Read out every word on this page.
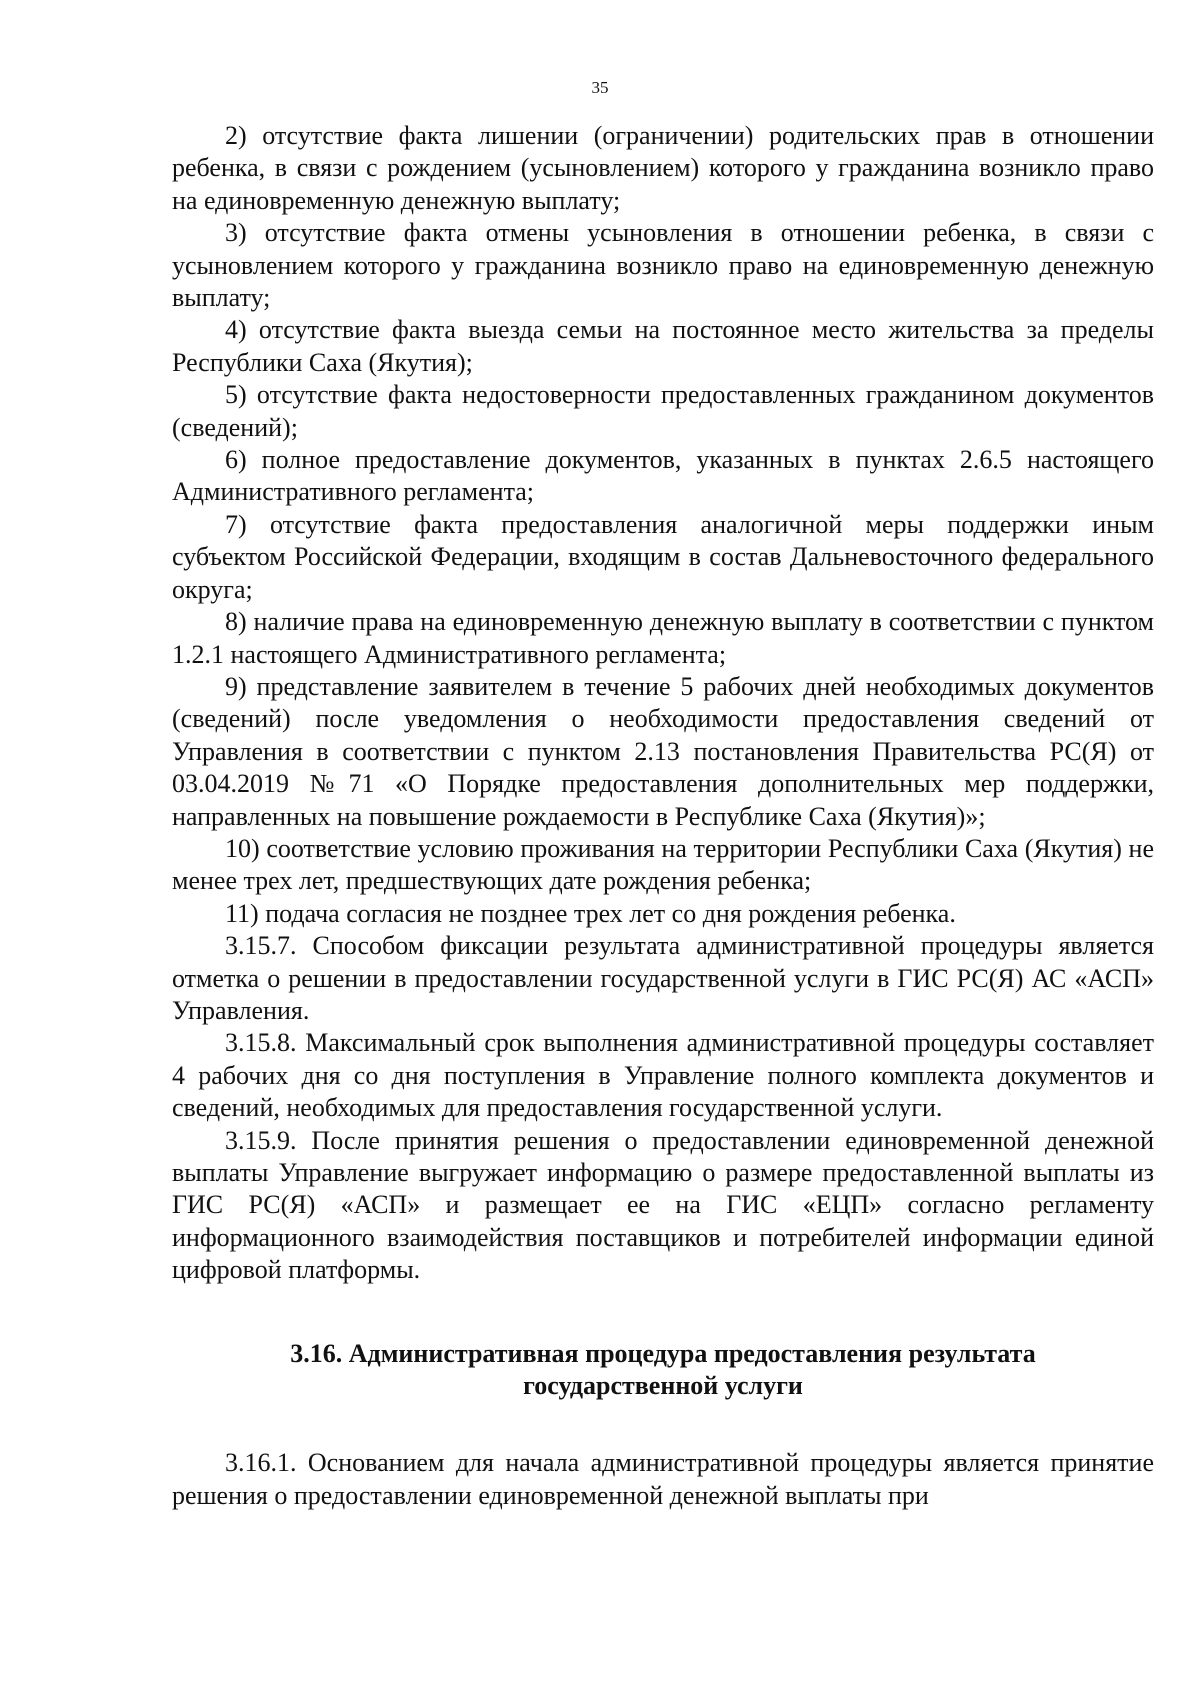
35

2) отсутствие факта лишении (ограничении) родительских прав в отношении ребенка, в связи с рождением (усыновлением) которого у гражданина возникло право на единовременную денежную выплату;

3) отсутствие факта отмены усыновления в отношении ребенка, в связи с усыновлением которого у гражданина возникло право на единовременную денежную выплату;

4) отсутствие факта выезда семьи на постоянное место жительства за пределы Республики Саха (Якутия);

5) отсутствие факта недостоверности предоставленных гражданином документов (сведений);

6) полное предоставление документов, указанных в пунктах 2.6.5 настоящего Административного регламента;

7) отсутствие факта предоставления аналогичной меры поддержки иным субъектом Российской Федерации, входящим в состав Дальневосточного федерального округа;

8) наличие права на единовременную денежную выплату в соответствии с пунктом 1.2.1 настоящего Административного регламента;

9) представление заявителем в течение 5 рабочих дней необходимых документов (сведений) после уведомления о необходимости предоставления сведений от Управления в соответствии с пунктом 2.13 постановления Правительства РС(Я) от 03.04.2019 №71 «О Порядке предоставления дополнительных мер поддержки, направленных на повышение рождаемости в Республике Саха (Якутия)»;

10) соответствие условию проживания на территории Республики Саха (Якутия) не менее трех лет, предшествующих дате рождения ребенка;

11) подача согласия не позднее трех лет со дня рождения ребенка.

3.15.7. Способом фиксации результата административной процедуры является отметка о решении в предоставлении государственной услуги в ГИС РС(Я) АС «АСП» Управления.

3.15.8. Максимальный срок выполнения административной процедуры составляет 4 рабочих дня со дня поступления в Управление полного комплекта документов и сведений, необходимых для предоставления государственной услуги.

3.15.9. После принятия решения о предоставлении единовременной денежной выплаты Управление выгружает информацию о размере предоставленной выплаты из ГИС РС(Я) «АСП» и размещает ее на ГИС «ЕЦП» согласно регламенту информационного взаимодействия поставщиков и потребителей информации единой цифровой платформы.

3.16. Административная процедура предоставления результата
государственной услуги

3.16.1. Основанием для начала административной процедуры является принятие решения о предоставлении единовременной денежной выплаты при
